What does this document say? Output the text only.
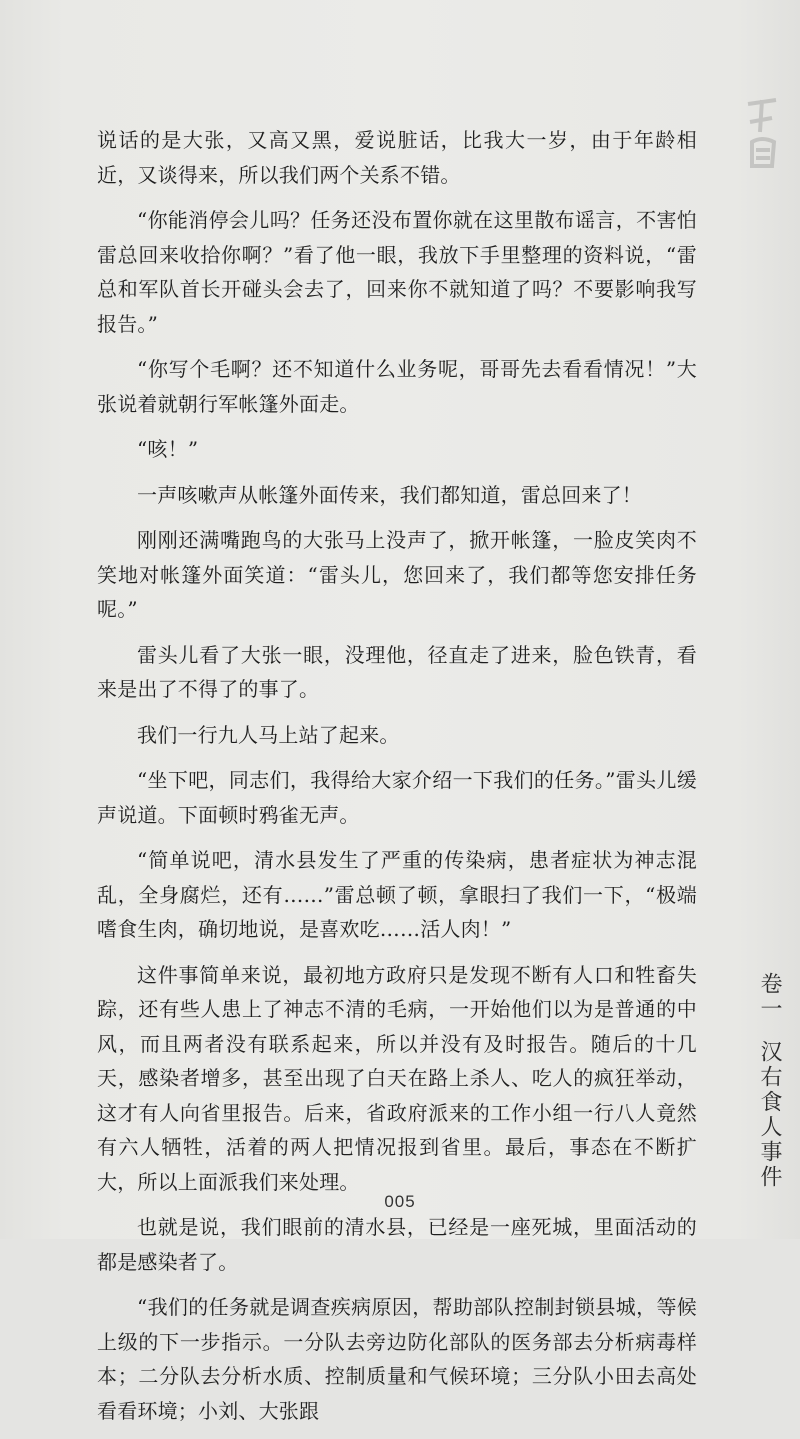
说话的是大张，又高又黑，爱说脏话，比我大一岁，由于年龄相近，又谈得来，所以我们两个关系不错。

“你能消停会儿吗？任务还没布置你就在这里散布谣言，不害怕雷总回来收拾你啊？”看了他一眼，我放下手里整理的资料说，“雷总和军队首长开碰头会去了，回来你不就知道了吗？不要影响我写报告。”

“你写个毛啊？还不知道什么业务呢，哥哥先去看看情况！”大张说着就朝行军帐篷外面走。

“咳！”

一声咳嗽声从帐篷外面传来，我们都知道，雷总回来了！

刚刚还满嘴跑鸟的大张马上没声了，掀开帐篷，一脸皮笑肉不笑地对帐篷外面笑道：“雷头儿，您回来了，我们都等您安排任务呢。”

雷头儿看了大张一眼，没理他，径直走了进来，脸色铁青，看来是出了不得了的事了。

我们一行九人马上站了起来。

“坐下吧，同志们，我得给大家介绍一下我们的任务。”雷头儿缓声说道。下面顿时鸦雀无声。

“简单说吧，清水县发生了严重的传染病，患者症状为神志混乱，全身腐烂，还有……”雷总顿了顿，拿眼扫了我们一下，“极端嗜食生肉，确切地说，是喜欢吃……活人肉！”

这件事简单来说，最初地方政府只是发现不断有人口和牲畜失踪，还有些人患上了神志不清的毛病，一开始他们以为是普通的中风，而且两者没有联系起来，所以并没有及时报告。随后的十几天，感染者增多，甚至出现了白天在路上杀人、吃人的疯狂举动，这才有人向省里报告。后来，省政府派来的工作小组一行八人竟然有六人牺牲，活着的两人把情况报到省里。最后，事态在不断扩大，所以上面派我们来处理。

也就是说，我们眼前的清水县，已经是一座死城，里面活动的都是感染者了。

“我们的任务就是调查疾病原因，帮助部队控制封锁县城，等候上级的下一步指示。一分队去旁边防化部队的医务部去分析病毒样本；二分队去分析水质、控制质量和气候环境；三分队小田去高处看看环境；小刘、大张跟

卷一汉右食人事件
005
